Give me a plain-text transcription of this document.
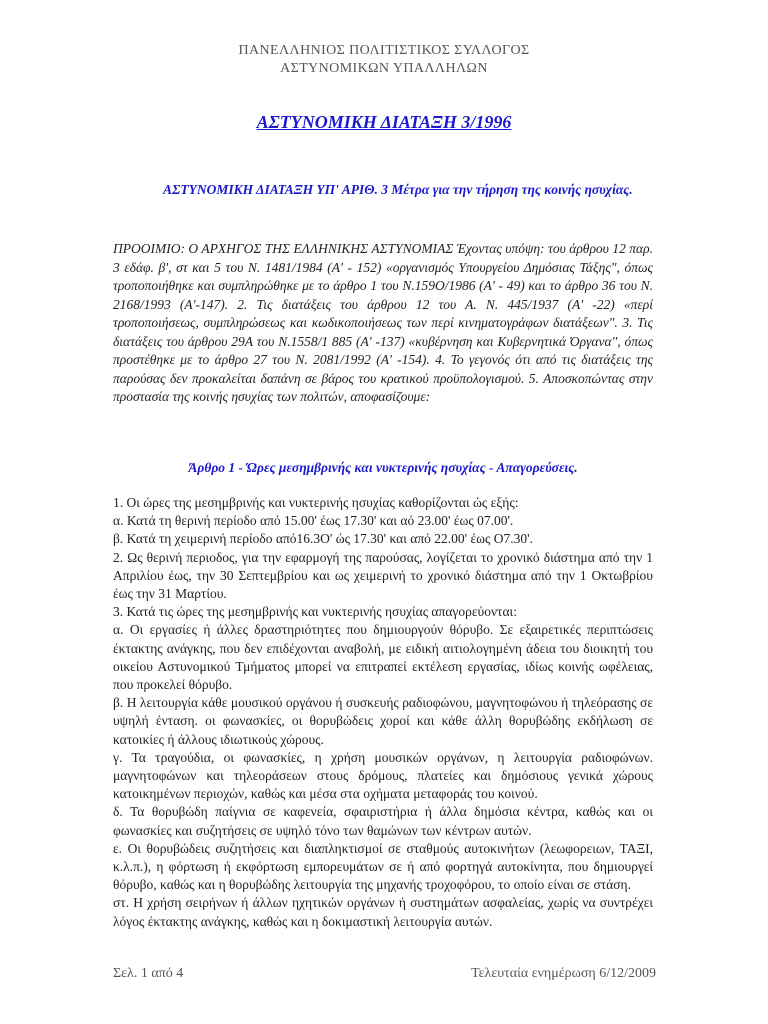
ΠΑΝΕΛΛΗΝΙΟΣ ΠΟΛΙΤΙΣΤΙΚΟΣ ΣΥΛΛΟΓΟΣ
ΑΣΤΥΝΟΜΙΚΩΝ ΥΠΑΛΛΗΛΩΝ
ΑΣΤΥΝΟΜΙΚΗ ΔΙΑΤΑΞΗ 3/1996
ΑΣΤΥΝΟΜΙΚΗ ΔΙΑΤΑΞΗ ΥΠ' ΑΡΙΘ. 3 Μέτρα για την τήρηση της κοινής ησυχίας.
ΠΡΟΟΙΜΙΟ: Ο ΑΡΧΗΓΟΣ ΤΗΣ ΕΛΛΗΝΙΚΗΣ ΑΣΤΥΝΟΜΙΑΣ Έχοντας υπόψη: του άρθρου 12 παρ. 3 εδάφ. β', στ και 5 του Ν. 1481/1984 (Α' - 152) «οργανισμός Υπουργείου Δημόσιας Τάξης", όπως τροποποιήθηκε και συμπληρώθηκε με το άρθρο 1 του Ν.159Ο/1986 (Α' - 49) και το άρθρο 36 του Ν. 2168/1993 (Α'-147). 2. Τις διατάξεις του άρθρου 12 του Α. Ν. 445/1937 (Α' -22) «περί τροποποιήσεως, συμπληρώσεως και κωδικοποιήσεως των περί κινηματογράφων διατάξεων". 3. Τις διατάξεις του άρθρου 29Α του Ν.1558/1 885 (Α' -137) «κυβέρνηση και Κυβερνητικά Όργανα", όπως προστέθηκε με το άρθρο 27 του Ν. 2081/1992 (Α' -154). 4. Το γεγονός ότι από τις διατάξεις της παρούσας δεν προκαλείται δαπάνη σε βάρος του κρατικού προϋπολογισμού. 5. Αποσκοπώντας στην προστασία της κοινής ησυχίας των πολιτών, αποφασίζουμε:
Άρθρο 1 - Ώρες μεσημβρινής και νυκτερινής ησυχίας - Απαγορεύσεις.

1. Οι ώρες της μεσημβρινής και νυκτερινής ησυχίας καθορίζονται ώς εξής:

α. Κατά τη θερινή περίοδο από 15.00' έως 17.30' και αό 23.00' έως 07.00'.

β. Κατά τη χειμερινή περίοδο από16.3Ο' ώς 17.30' και από 22.00' έως Ο7.30'.

2. Ως θερινή περιοδος, για την εφαρμογή της παρούσας, λογίζεται το χρονικό διάστημα από την 1 Απριλίου έως, την 30 Σεπτεμβρίου και ως χειμερινή το χρονικό διάστημα από την 1 Οκτωβρίου έως την 31 Μαρτίου.

3. Κατά τις ώρες της μεσημβρινής και νυκτερινής ησυχίας απαγορεύονται:

α. Οι εργασίες ή άλλες δραστηριότητες που δημιουργούν θόρυβο. Σε εξαιρετικές περιπτώσεις έκτακτης ανάγκης, που δεν επιδέχονται αναβολή, με ειδική αιτιολογημένη άδεια του διοικητή του οικείου Αστυνομικού Τμήματος μπορεί να επιτραπεί εκτέλεση εργασίας, ιδίως κοινής ωφέλειας, που προκελεί θόρυβο.

β. Η λειτουργία κάθε μουσικού οργάνου ή συσκευής ραδιοφώνου, μαγνητοφώνου ή τηλεόρασης σε υψηλή ένταση. οι φωνασκίες, οι θορυβώδεις χοροί και κάθε άλλη θορυβώδης εκδήλωση σε κατοικίες ή άλλους ιδιωτικούς χώρους.

γ. Τα τραγούδια, οι φωνασκίες, η χρήση μουσικών οργάνων, η λειτουργία ραδιοφώνων. μαγνητοφώνων και τηλεοράσεων στους δρόμους, πλατείες και δημόσιους γενικά χώρους κατοικημένων περιοχών, καθώς και μέσα στα οχήματα μεταφοράς του κοινού.

δ. Τα θορυβώδη παίγνια σε καφενεία, σφαιριστήρια ή άλλα δημόσια κέντρα, καθώς και οι φωνασκίες και συζητήσεις σε υψηλό τόνο των θαμώνων των κέντρων αυτών.

ε. Οι θορυβώδεις συζητήσεις και διαπληκτισμοί σε σταθμούς αυτοκινήτων (λεωφορειων, ΤΑΞΙ, κ.λ.π.), η φόρτωση ή εκφόρτωση εμπορευμάτων σε ή από φορτηγά αυτοκίνητα, που δημιουργεί θόρυβο, καθώς και η θορυβώδης λειτουργία της μηχανής τροχοφόρου, το οποίο είναι σε στάση.

στ. Η χρήση σειρήνων ή άλλων ηχητικών οργάνων ή συστημάτων ασφαλείας, χωρίς να συντρέχει λόγος έκτακτης ανάγκης, καθώς και η δοκιμαστική λειτουργία αυτών.

Σελ. 1 από 4	Τελευταία ενημέρωση 6/12/2009
